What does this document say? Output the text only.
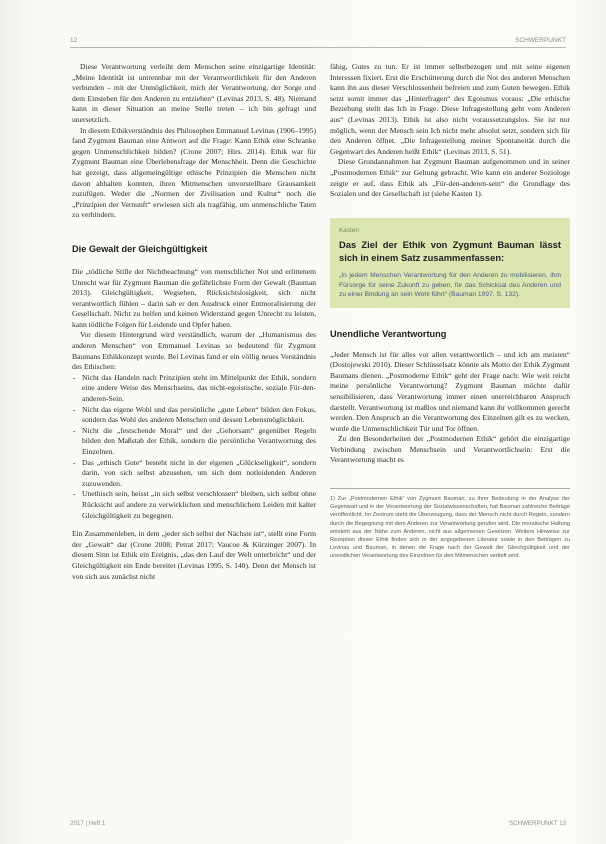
12	SCHWERPUNKT

Diese Verantwortung verleiht dem Menschen seine einzigartige Identität: „Meine Identität ist untrennbar mit der Verantwortlichkeit für den Anderen verbunden – mit der Unmöglichkeit, mich der Verantwortung, der Sorge und dem Einstehen für den Anderen zu entziehen“ (Levinas 2013, S. 48). Niemand kann in dieser Situation an meine Stelle treten – ich bin gefragt und unersetzlich.

In diesem Ethikverständnis des Philosophen Emmanuel Levinas (1906–1995) fand Zygmunt Bauman eine Antwort auf die Frage: Kann Ethik eine Schranke gegen Unmenschlichkeit bilden? (Crone 2007; Hirs. 2014). Ethik war für Zygmunt Bauman eine Überlebensfrage der Menschheit. Denn die Geschichte hat gezeigt, dass allgemeingültige ethische Prinzipien die Menschen nicht davon abhalten konnten, ihren Mitmenschen unvorstellbare Grausamkeit zuzufügen. Weder die „Normen der Zivilisation und Kultur“ noch die „Prinzipien der Vernunft“ erwiesen sich als tragfähig, um unmenschliche Taten zu verhindern.

Die Gewalt der Gleichgültigkeit

Die „tödliche Stille der Nichtbeachtung“ von menschlicher Not und erlittenem Unrecht war für Zygmunt Bauman die gefährlichste Form der Gewalt (Bauman 2013). Gleichgültigkeit, Wegsehen, Rücksichtslosigkeit, sich nicht verantwortlich fühlen – darin sah er den Ausdruck einer Entmoralisierung der Gesellschaft. Nicht zu helfen und keinen Widerstand gegen Unrecht zu leisten, kann tödliche Folgen für Leidende und Opfer haben.

Vor diesem Hintergrund wird verständlich, warum der „Humanismus des anderen Menschen“ von Emmanuel Levinas so bedeutend für Zygmunt Baumans Ethikkonzept wurde. Bei Levinas fand er ein völlig neues Verständnis des Ethischen:

- Nicht das Handeln nach Prinzipien steht im Mittelpunkt der Ethik, sondern eine andere Weise des Menschseins, das nicht-egoistische, soziale Für-den-anderen-Sein.
- Nicht das eigene Wohl und das persönliche „gute Leben“ bilden den Fokus, sondern das Wohl des anderen Menschen und dessen Lebensmöglichkeit.
- Nicht die „festschende Moral“ und der „Gehorsam“ gegenüber Regeln bilden den Maßstab der Ethik, sondern die persönliche Verantwortung des Einzelnen.
- Das „ethisch Gute“ besteht nicht in der eigenen „Glückseligkeit“, sondern darin, von sich selbst abzusehen, um sich dem notleidenden Anderen zuzuwenden.
- Unethisch sein, heisst „in sich selbst verschlossen“ bleiben, sich selbst ohne Rücksicht auf andere zu verwirklichen und menschlichem Leiden mit kalter Gleichgültigkeit zu begegnen.

Ein Zusammenleben, in dem „jeder sich selbst der Nächste ist“, stellt eine Form der „Gewalt“ dar (Crone 2008; Petrat 2017; Vaucoe & Kürzinger 2007). In diesem Sinn ist Ethik ein Ereignis, „das den Lauf der Welt unterbricht“ und der Gleichgültigkeit ein Ende bereitet (Levinas 1995, S. 140). Denn der Mensch ist von sich aus zunächst nicht

fähig, Gutes zu tun. Er ist immer selbstbezogen und mit seine eigenen Interessen fixiert. Erst die Erschütterung durch die Not des anderen Menschen kann ihn aus dieser Verschlossenheit befreien und zum Guten bewegen. Ethik setzt somit immer das „Hinterfragen“ des Egoismus voraus: „Die ethische Beziehung stellt das Ich in Frage. Diese Infragestellung geht vom Anderen aus“ (Levinas 2013). Ethik ist also nicht voraussetzungslos. Sie ist nur möglich, wenn der Mensch sein Ich nicht mehr absolut setzt, sondern sich für den Anderen öffnet. „Die Infragestellung meiner Spontaneität durch die Gegenwart des Anderen heißt Ethik“ (Levinas 2013, S. 51).

Diese Grundannahmen hat Zygmunt Bauman aufgenommen und in seiner „Postmodernen Ethik“ zur Geltung gebracht. Wie kann ein anderer Soziologe zeigte er auf, dass Ethik als „Für-den-anderen-sein“ die Grundlage des Sozialen und der Gesellschaft ist (siehe Kasten 1).

Kasten
Das Ziel der Ethik von Zygmunt Bauman lässt sich in einem Satz zusammenfassen:
„In jedem Menschen Verantwortung für den Anderen zu mobilisieren, ihm Fürsorge für seine Zukunft zu geben, für das Schicksal des Anderen und zu einer Bindung an sein Wohl führt“ (Bauman 1997, S. 132).
Unendliche Verantwortung

„Jeder Mensch ist für alles vor allen verantwortlich – und ich am meisten“ (Dostojewski 2010). Dieser Schlüsselsatz könnte als Motto der Ethik Zygmunt Baumans dienen. „Postmoderne Ethik“ geht der Frage nach: Wie weit reicht meine persönliche Verantwortung? Zygmunt Bauman möchte dafür sensibilisieren, dass Verantwortung immer einen unerreichbaren Anspruch darstellt. Verantwortung ist maßlos und niemand kann ihr vollkommen gerecht werden. Den Anspruch an die Verantwortung des Einzelnen gilt es zu wecken, wurde die Unmenschlichkeit Tür und Tor öffnen.

Zu den Besonderheiten der „Postmodernen Ethik“ gehört die einzigartige Verbindung zwischen Menschsein und Verantwortlichsein: Erst die Verantwortung macht es

1) Zur „Postmodernen Ethik“ von Zygmunt Bauman, zu ihrer Bedeutung in der Analyse der Gegenwart und in der Verantwortung der Sozialwissenschaften, hat Bauman zahlreiche Beiträge veröffentlicht. Im Zentrum steht die Überzeugung, dass der Mensch nicht durch Regeln, sondern durch die Begegnung mit dem Anderen zur Verantwortung gerufen wird. Die moralische Haltung entsteht aus der Nähe zum Anderen, nicht aus allgemeinen Gesetzen. Weitere Hinweise zur Rezeption dieser Ethik finden sich in der angegebenen Literatur sowie in den Beiträgen zu Levinas und Bauman, in denen die Frage nach der Gewalt der Gleichgültigkeit und der unendlichen Verantwortung des Einzelnen für den Mitmenschen vertieft wird.
2017 | Heft 1	SCHWERPUNKT 13
